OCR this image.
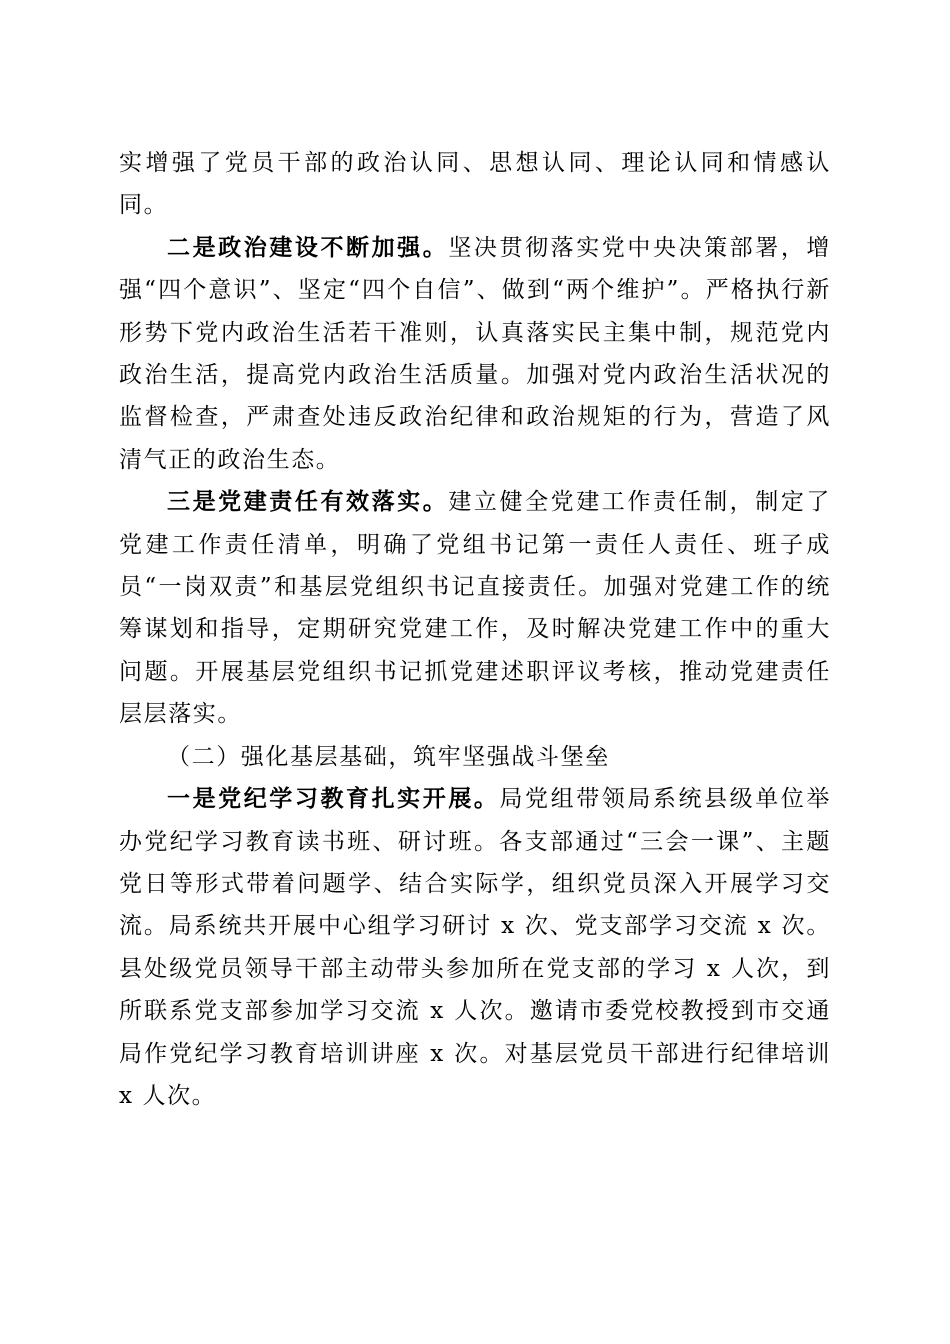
实增强了党员干部的政治认同、思想认同、理论认同和情感认同。

二是政治建设不断加强。坚决贯彻落实党中央决策部署，增强“四个意识”、坚定“四个自信”、做到“两个维护”。严格执行新形势下党内政治生活若干准则，认真落实民主集中制，规范党内政治生活，提高党内政治生活质量。加强对党内政治生活状况的监督检查，严肃查处违反政治纪律和政治规矩的行为，营造了风清气正的政治生态。

三是党建责任有效落实。建立健全党建工作责任制，制定了党建工作责任清单，明确了党组书记第一责任人责任、班子成员“一岗双责”和基层党组织书记直接责任。加强对党建工作的统筹谋划和指导，定期研究党建工作，及时解决党建工作中的重大问题。开展基层党组织书记抓党建述职评议考核，推动党建责任层层落实。

（二）强化基层基础，筑牢坚强战斗堡垒

一是党纪学习教育扎实开展。局党组带领局系统县级单位举办党纪学习教育读书班、研讨班。各支部通过“三会一课”、主题党日等形式带着问题学、结合实际学，组织党员深入开展学习交流。局系统共开展中心组学习研讨 x 次、党支部学习交流 x 次。县处级党员领导干部主动带头参加所在党支部的学习 x 人次，到所联系党支部参加学习交流 x 人次。邀请市委党校教授到市交通局作党纪学习教育培训讲座 x 次。对基层党员干部进行纪律培训 x 人次。
